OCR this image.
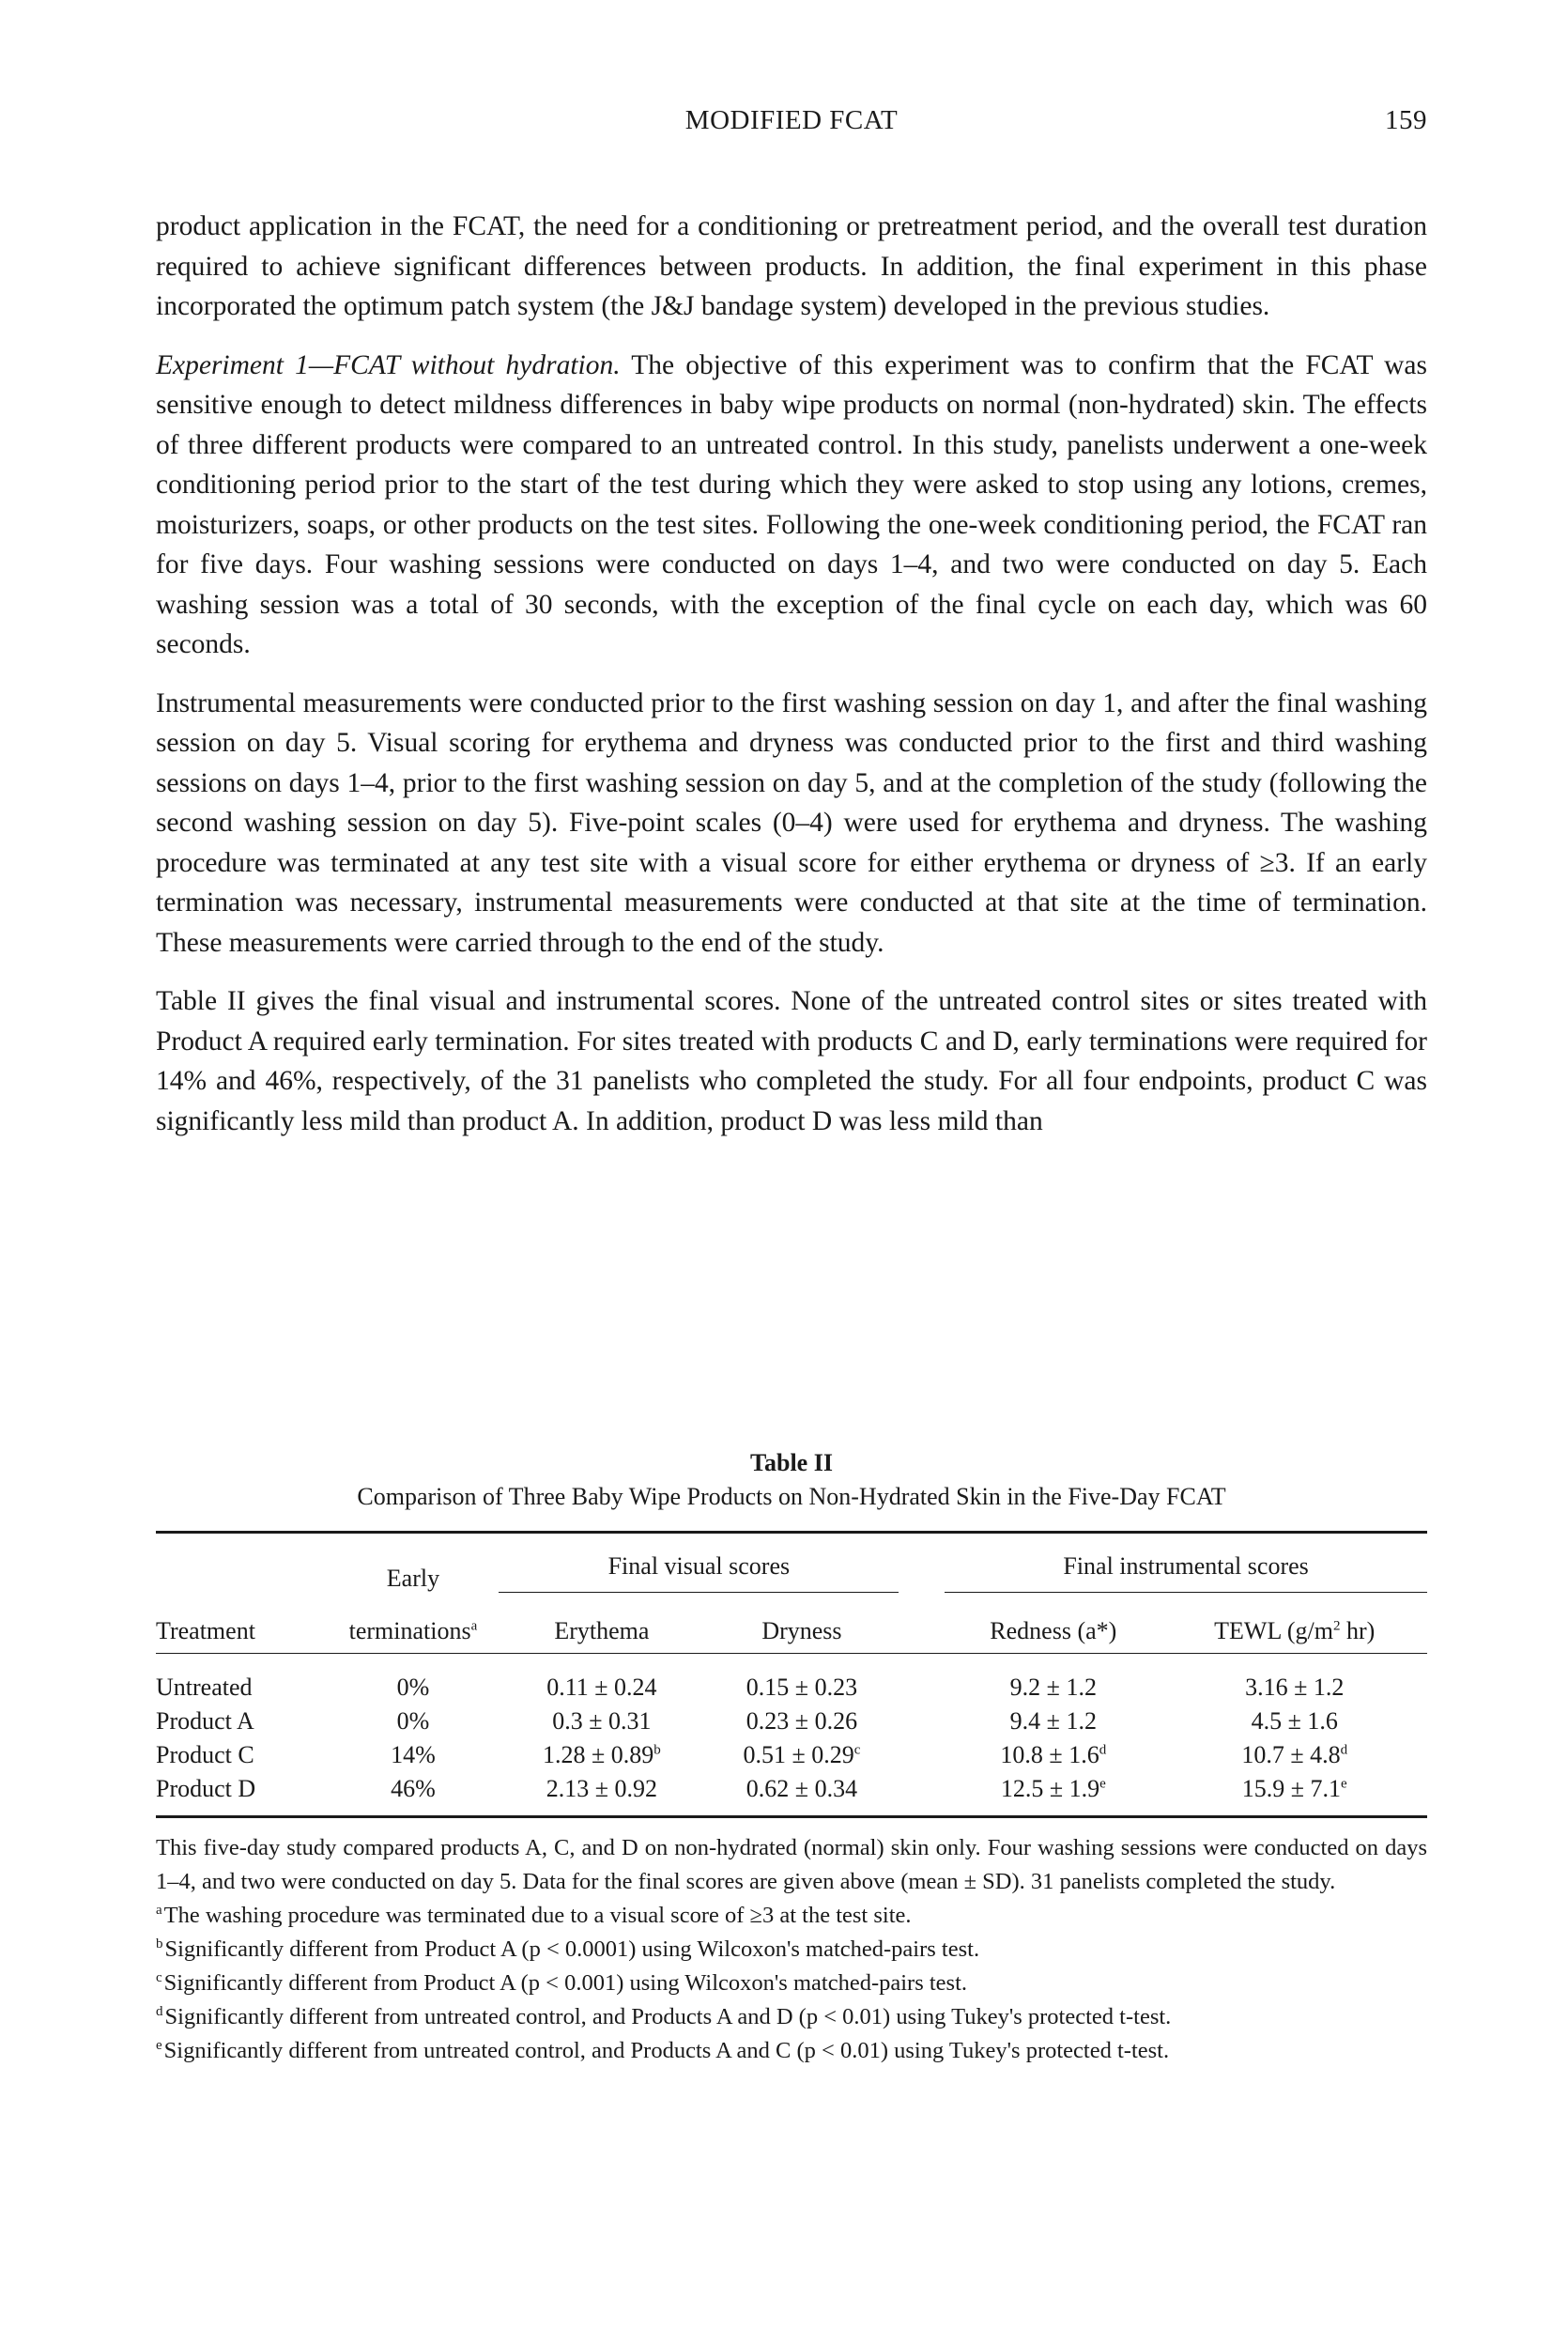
MODIFIED FCAT	159

product application in the FCAT, the need for a conditioning or pretreatment period, and the overall test duration required to achieve significant differences between products. In addition, the final experiment in this phase incorporated the optimum patch system (the J&J bandage system) developed in the previous studies.

Experiment 1—FCAT without hydration. The objective of this experiment was to confirm that the FCAT was sensitive enough to detect mildness differences in baby wipe products on normal (non-hydrated) skin. The effects of three different products were compared to an untreated control. In this study, panelists underwent a one-week conditioning period prior to the start of the test during which they were asked to stop using any lotions, cremes, moisturizers, soaps, or other products on the test sites. Following the one-week conditioning period, the FCAT ran for five days. Four washing sessions were conducted on days 1–4, and two were conducted on day 5. Each washing session was a total of 30 seconds, with the exception of the final cycle on each day, which was 60 seconds.

Instrumental measurements were conducted prior to the first washing session on day 1, and after the final washing session on day 5. Visual scoring for erythema and dryness was conducted prior to the first and third washing sessions on days 1–4, prior to the first washing session on day 5, and at the completion of the study (following the second washing session on day 5). Five-point scales (0–4) were used for erythema and dryness. The washing procedure was terminated at any test site with a visual score for either erythema or dryness of ≥3. If an early termination was necessary, instrumental measurements were conducted at that site at the time of termination. These measurements were carried through to the end of the study.

Table II gives the final visual and instrumental scores. None of the untreated control sites or sites treated with Product A required early termination. For sites treated with products C and D, early terminations were required for 14% and 46%, respectively, of the 31 panelists who completed the study. For all four endpoints, product C was significantly less mild than product A. In addition, product D was less mild than

Table II
Comparison of Three Baby Wipe Products on Non-Hydrated Skin in the Five-Day FCAT
	Early	Final visual scores			Final instrumental scores	
Treatment	terminations$^a$	Erythema	Dryness		Redness (a*)	TEWL ($g/m^2$ hr)

Untreated	0%	0.11 ± 0.24	0.15 ± 0.23		9.2 ± 1.2	3.16 ± 1.2
Product A	0%	0.3 ± 0.31	0.23 ± 0.26		9.4 ± 1.2	4.5 ± 1.6
Product C	14%	1.28 ± 0.89$^b$	0.51 ± 0.29$^c$		10.8 ± 1.6$^d$	10.7 ± 4.8$^d$
Product D	46%	2.13 ± 0.92	0.62 ± 0.34		12.5 ± 1.9$^e$	15.9 ± 7.1$^e$
This five-day study compared products A, C, and D on non-hydrated (normal) skin only. Four washing sessions were conducted on days 1–4, and two were conducted on day 5. Data for the final scores are given above (mean ± SD). 31 panelists completed the study.
$^a$The washing procedure was terminated due to a visual score of ≥3 at the test site.
$^b$Significantly different from Product A (p < 0.0001) using Wilcoxon's matched-pairs test.
$^c$Significantly different from Product A (p < 0.001) using Wilcoxon's matched-pairs test.
$^d$Significantly different from untreated control, and Products A and D (p < 0.01) using Tukey's protected t-test.
$^e$Significantly different from untreated control, and Products A and C (p < 0.01) using Tukey's protected t-test.
